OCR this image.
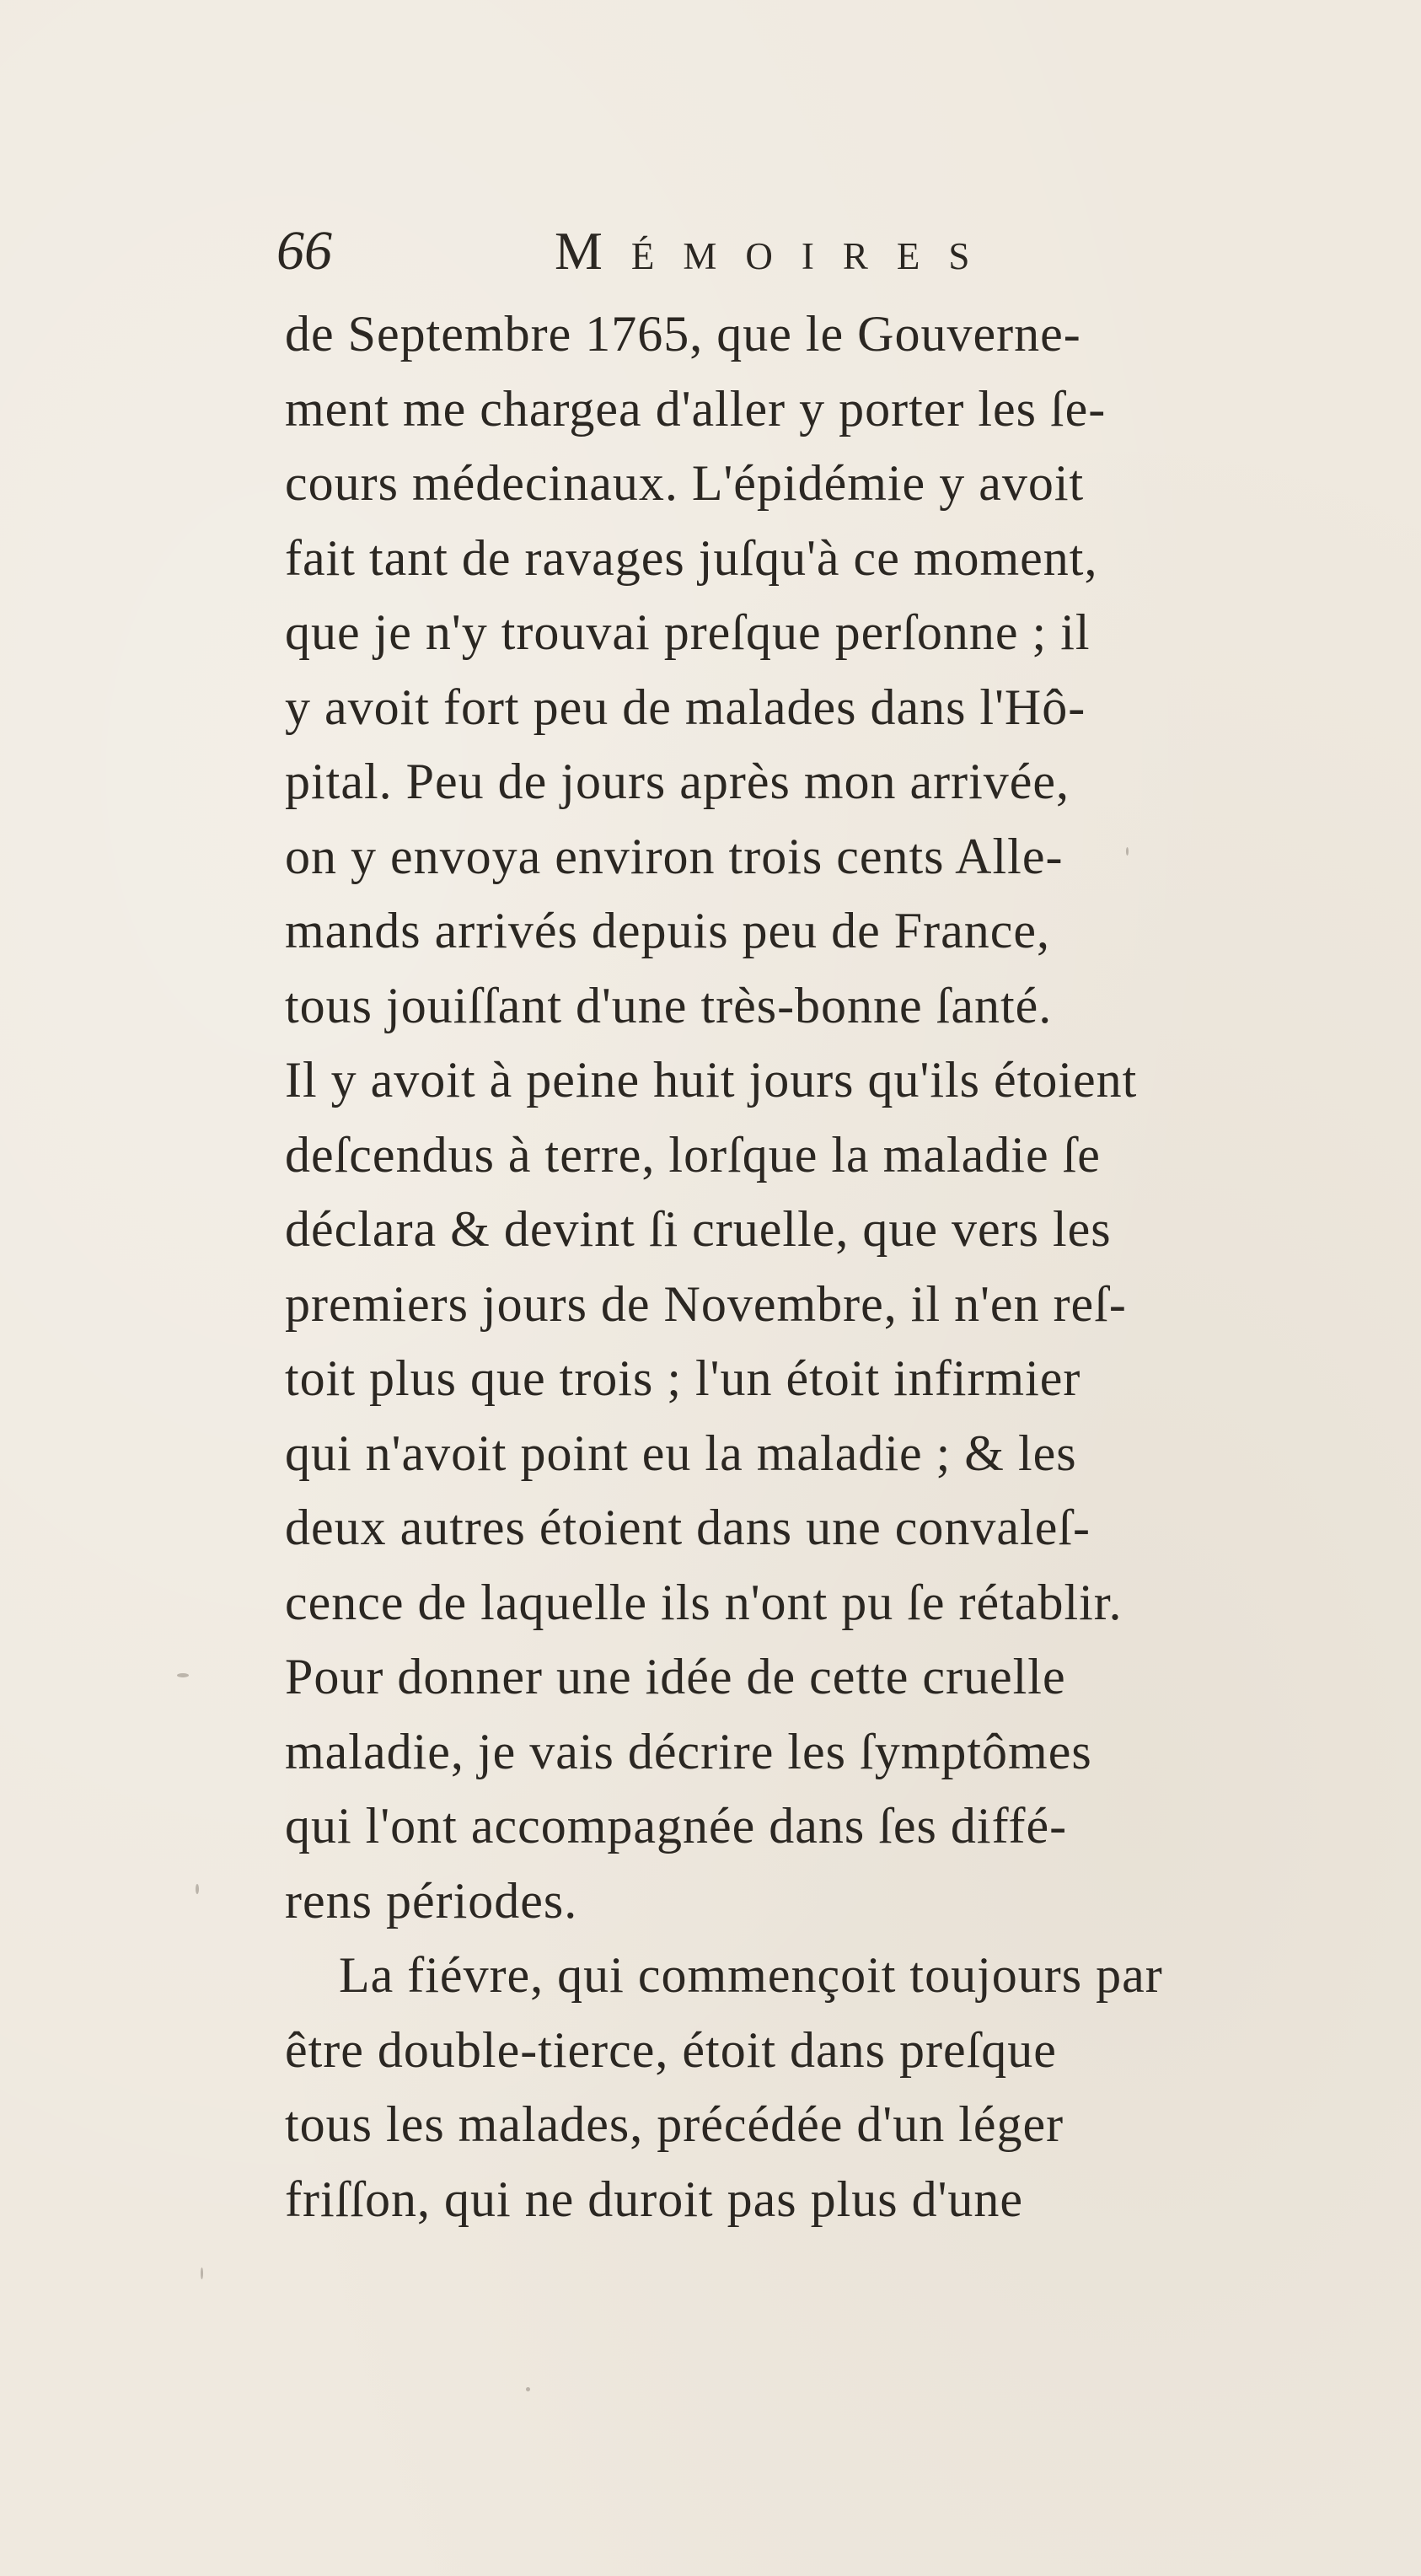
66	Mémoires
de Septembre 1765, que le Gouverne-
ment me chargea d'aller y porter les ſe-
cours médecinaux. L'épidémie y avoit
fait tant de ravages juſqu'à ce moment,
que je n'y trouvai preſque perſonne ; il
y avoit fort peu de malades dans l'Hô-
pital. Peu de jours après mon arrivée,
on y envoya environ trois cents Alle-
mands arrivés depuis peu de France,
tous jouiſſant d'une très-bonne ſanté.
Il y avoit à peine huit jours qu'ils étoient
deſcendus à terre, lorſque la maladie ſe
déclara & devint ſi cruelle, que vers les
premiers jours de Novembre, il n'en reſ-
toit plus que trois ; l'un étoit infirmier
qui n'avoit point eu la maladie ; & les
deux autres étoient dans une convaleſ-
cence de laquelle ils n'ont pu ſe rétablir.
Pour donner une idée de cette cruelle
maladie, je vais décrire les ſymptômes
qui l'ont accompagnée dans ſes diffé-
rens périodes.
La fiévre, qui commençoit toujours par
être double-tierce, étoit dans preſque
tous les malades, précédée d'un léger
friſſon, qui ne duroit pas plus d'une
